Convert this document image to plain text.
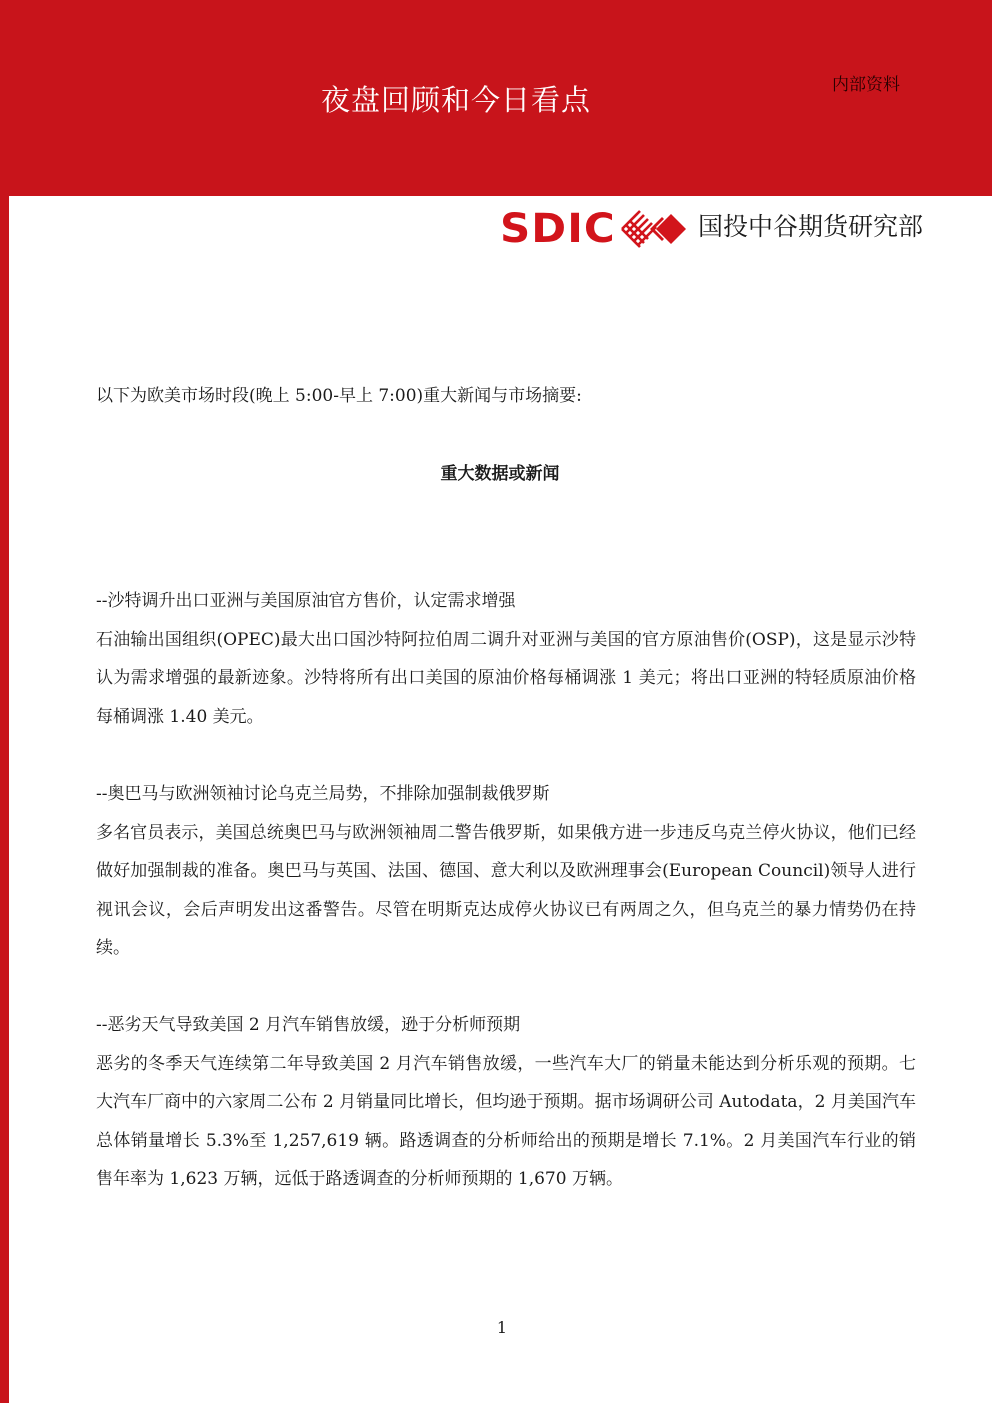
夜盘回顾和今日看点	内部资料
SDIC	国投中谷期货研究部
以下为欧美市场时段(晚上 5:00-早上 7:00)重大新闻与市场摘要:
重大数据或新闻

--沙特调升出口亚洲与美国原油官方售价，认定需求增强

石油输出国组织(OPEC)最大出口国沙特阿拉伯周二调升对亚洲与美国的官方原油售价(OSP)，这是显示沙特认为需求增强的最新迹象。沙特将所有出口美国的原油价格每桶调涨 1 美元；将出口亚洲的特轻质原油价格每桶调涨 1.40 美元。

--奥巴马与欧洲领袖讨论乌克兰局势，不排除加强制裁俄罗斯

多名官员表示，美国总统奥巴马与欧洲领袖周二警告俄罗斯，如果俄方进一步违反乌克兰停火协议，他们已经做好加强制裁的准备。奥巴马与英国、法国、德国、意大利以及欧洲理事会(European Council)领导人进行视讯会议，会后声明发出这番警告。尽管在明斯克达成停火协议已有两周之久，但乌克兰的暴力情势仍在持续。

--恶劣天气导致美国 2 月汽车销售放缓，逊于分析师预期

恶劣的冬季天气连续第二年导致美国 2 月汽车销售放缓，一些汽车大厂的销量未能达到分析乐观的预期。七大汽车厂商中的六家周二公布 2 月销量同比增长，但均逊于预期。据市场调研公司 Autodata，2 月美国汽车总体销量增长 5.3%至 1,257,619 辆。路透调查的分析师给出的预期是增长 7.1%。2 月美国汽车行业的销售年率为 1,623 万辆，远低于路透调查的分析师预期的 1,670 万辆。

1
